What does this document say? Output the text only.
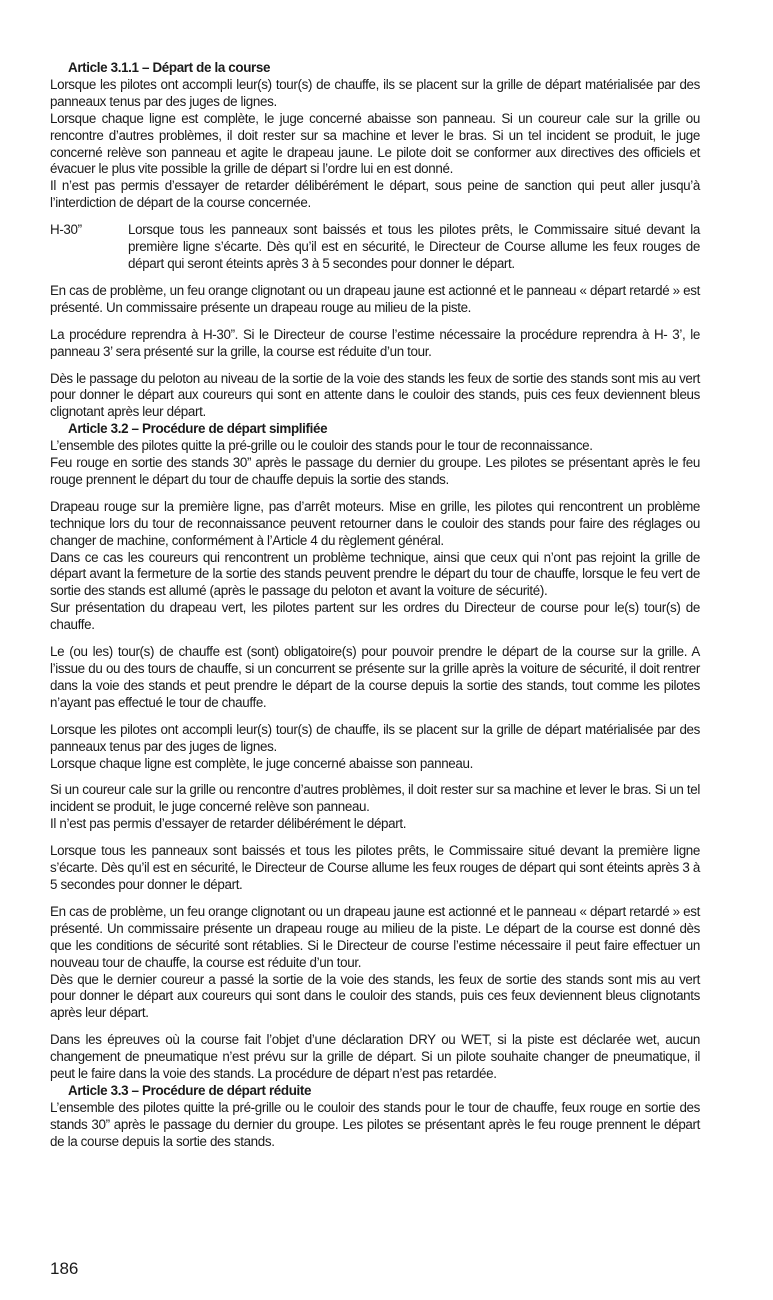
Article 3.1.1 – Départ de la course

Lorsque les pilotes ont accompli leur(s) tour(s) de chauffe, ils se placent sur la grille de départ matérialisée par des panneaux tenus par des juges de lignes.

Lorsque chaque ligne est complète, le juge concerné abaisse son panneau. Si un coureur cale sur la grille ou rencontre d’autres problèmes, il doit rester sur sa machine et lever le bras. Si un tel incident se produit, le juge concerné relève son panneau et agite le drapeau jaune. Le pilote doit se conformer aux directives des officiels et évacuer le plus vite possible la grille de départ si l’ordre lui en est donné.

Il n’est pas permis d’essayer de retarder délibérément le départ, sous peine de sanction qui peut aller jusqu’à l’interdiction de départ de la course concernée.

H-30”	Lorsque tous les panneaux sont baissés et tous les pilotes prêts, le Commissaire situé devant la première ligne s’écarte. Dès qu’il est en sécurité, le Directeur de Course allume les feux rouges de départ qui seront éteints après 3 à 5 secondes pour donner le départ.

En cas de problème, un feu orange clignotant ou un drapeau jaune est actionné et le panneau « départ retardé » est présenté. Un commissaire présente un drapeau rouge au milieu de la piste.

La procédure reprendra à H-30”. Si le Directeur de course l’estime nécessaire la procédure reprendra à H- 3’, le panneau 3’ sera présenté sur la grille, la course est réduite d’un tour.

Dès le passage du peloton au niveau de la sortie de la voie des stands les feux de sortie des stands sont mis au vert pour donner le départ aux coureurs qui sont en attente dans le couloir des stands, puis ces feux deviennent bleus clignotant après leur départ.

Article 3.2 – Procédure de départ simplifiée

L’ensemble des pilotes quitte la pré-grille ou le couloir des stands pour le tour de reconnaissance.

Feu rouge en sortie des stands 30” après le passage du dernier du groupe. Les pilotes se présentant après le feu rouge prennent le départ du tour de chauffe depuis la sortie des stands.

Drapeau rouge sur la première ligne, pas d’arrêt moteurs. Mise en grille, les pilotes qui rencontrent un problème technique lors du tour de reconnaissance peuvent retourner dans le couloir des stands pour faire des réglages ou changer de machine, conformément à l’Article 4 du règlement général.

Dans ce cas les coureurs qui rencontrent un problème technique, ainsi que ceux qui n’ont pas rejoint la grille de départ avant la fermeture de la sortie des stands peuvent prendre le départ du tour de chauffe, lorsque le feu vert de sortie des stands est allumé (après le passage du peloton et avant la voiture de sécurité).

Sur présentation du drapeau vert, les pilotes partent sur les ordres du Directeur de course pour le(s) tour(s) de chauffe.

Le (ou les) tour(s) de chauffe est (sont) obligatoire(s) pour pouvoir prendre le départ de la course sur la grille. A l’issue du ou des tours de chauffe, si un concurrent se présente sur la grille après la voiture de sécurité, il doit rentrer dans la voie des stands et peut prendre le départ de la course depuis la sortie des stands, tout comme les pilotes n’ayant pas effectué le tour de chauffe.

Lorsque les pilotes ont accompli leur(s) tour(s) de chauffe, ils se placent sur la grille de départ matérialisée par des panneaux tenus par des juges de lignes.

Lorsque chaque ligne est complète, le juge concerné abaisse son panneau.

Si un coureur cale sur la grille ou rencontre d’autres problèmes, il doit rester sur sa machine et lever le bras. Si un tel incident se produit, le juge concerné relève son panneau.

Il n’est pas permis d’essayer de retarder délibérément le départ.

Lorsque tous les panneaux sont baissés et tous les pilotes prêts, le Commissaire situé devant la première ligne s’écarte. Dès qu’il est en sécurité, le Directeur de Course allume les feux rouges de départ qui sont éteints après 3 à 5 secondes pour donner le départ.

En cas de problème, un feu orange clignotant ou un drapeau jaune est actionné et le panneau « départ retardé » est présenté. Un commissaire présente un drapeau rouge au milieu de la piste. Le départ de la course est donné dès que les conditions de sécurité sont rétablies. Si le Directeur de course l’estime nécessaire il peut faire effectuer un nouveau tour de chauffe, la course est réduite d’un tour.

Dès que le dernier coureur a passé la sortie de la voie des stands, les feux de sortie des stands sont mis au vert pour donner le départ aux coureurs qui sont dans le couloir des stands, puis ces feux deviennent bleus clignotants après leur départ.

Dans les épreuves où la course fait l’objet d’une déclaration DRY ou WET, si la piste est déclarée wet, aucun changement de pneumatique n’est prévu sur la grille de départ. Si un pilote souhaite changer de pneumatique, il peut le faire dans la voie des stands. La procédure de départ n’est pas retardée.

Article 3.3 – Procédure de départ réduite

L’ensemble des pilotes quitte la pré-grille ou le couloir des stands pour le tour de chauffe, feux rouge en sortie des stands 30” après le passage du dernier du groupe. Les pilotes se présentant après le feu rouge prennent le départ de la course depuis la sortie des stands.

186
